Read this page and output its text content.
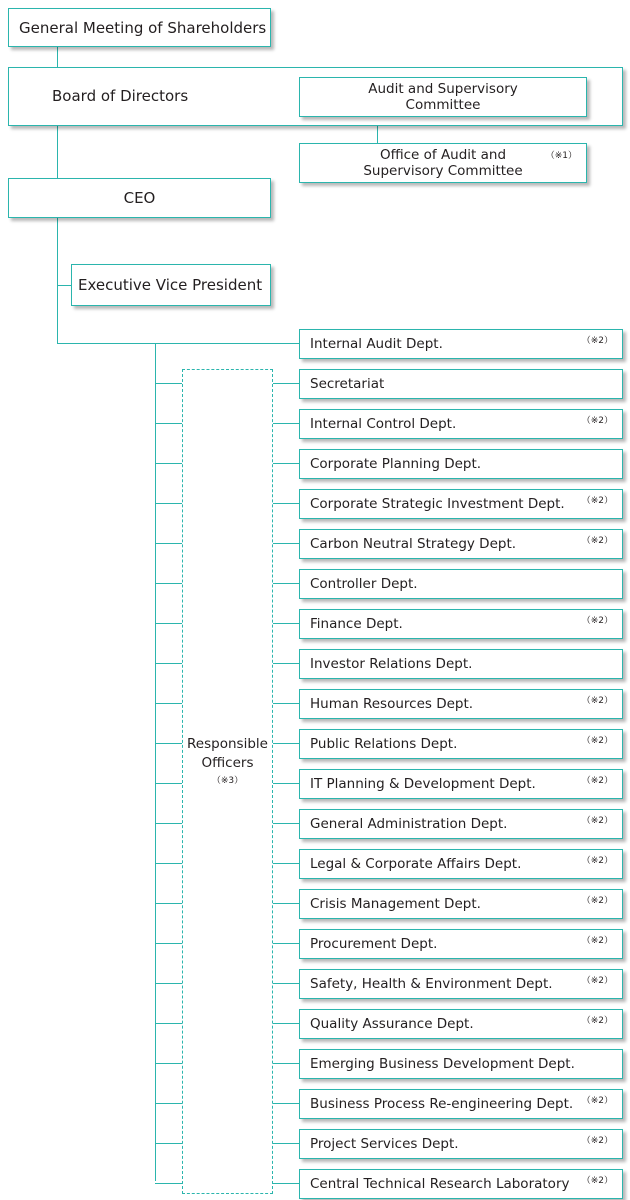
General Meeting of Shareholders
Board of Directors	Audit and Supervisory
Committee
Office of Audit and
Supervisory Committee
（※1）
CEO
Executive Vice President
Responsible
Officers
（※3）
Internal Audit Dept.	（※2）
Secretariat
Internal Control Dept.	（※2）
Corporate Planning Dept.
Corporate Strategic Investment Dept. （※2）
Carbon Neutral Strategy Dept.	（※2）
Controller Dept.
Finance Dept.	（※2）
Investor Relations Dept.
Human Resources Dept.	（※2）
Public Relations Dept.	（※2）
IT Planning & Development Dept.	（※2）
General Administration Dept.	（※2）
Legal & Corporate Affairs Dept.	（※2）
Crisis Management Dept.	（※2）
Procurement Dept.	（※2）
Safety, Health & Environment Dept.	（※2）
Quality Assurance Dept.	（※2）
Emerging Business Development Dept.
Business Process Re-engineering Dept. （※2）
Project Services Dept.	（※2）
Central Technical Research Laboratory （※2）
